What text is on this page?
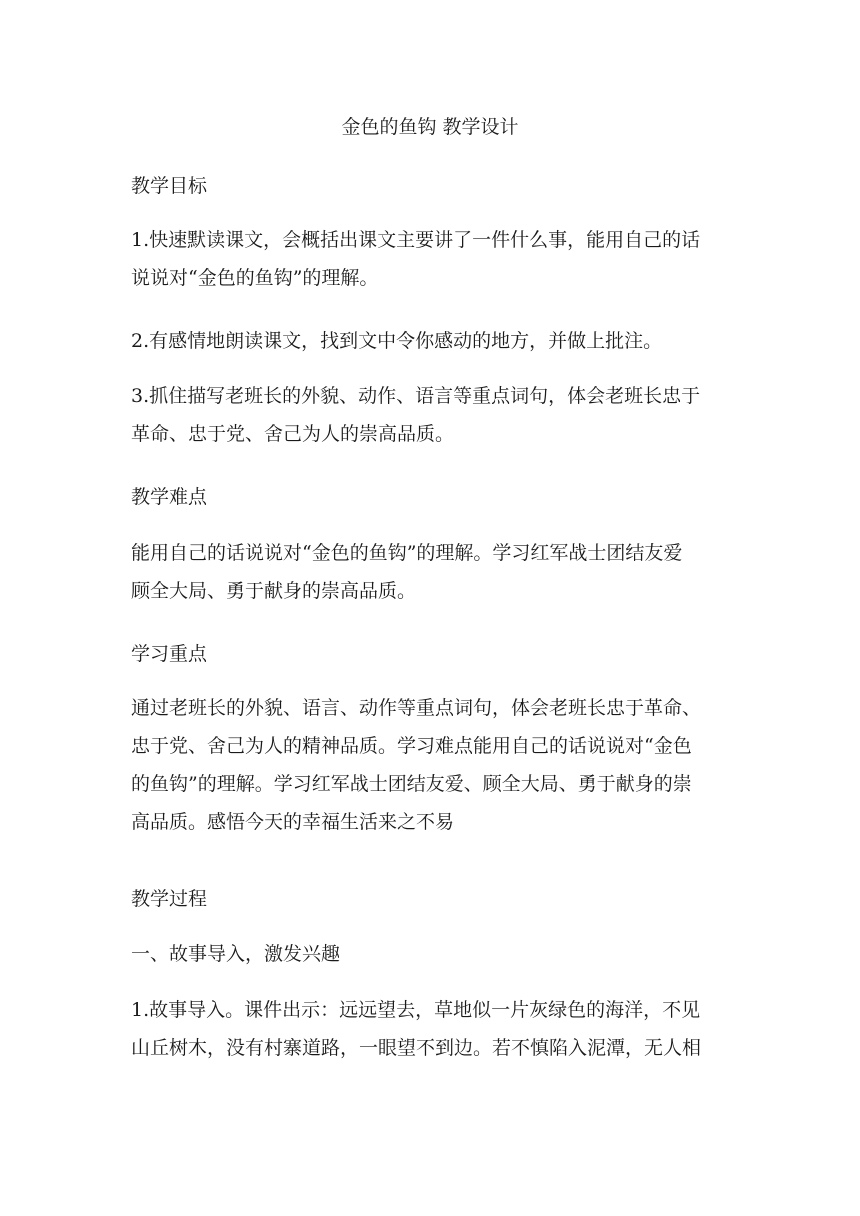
金色的鱼钩 教学设计
教学目标

1.快速默读课文，会概括出课文主要讲了一件什么事，能用自己的话
说说对“金色的鱼钩”的理解。

2.有感情地朗读课文，找到文中令你感动的地方，并做上批注。

3.抓住描写老班长的外貌、动作、语言等重点词句，体会老班长忠于
革命、忠于党、舍己为人的崇高品质。

教学难点

能用自己的话说说对“金色的鱼钩”的理解。学习红军战士团结友爱
顾全大局、勇于献身的崇高品质。

学习重点

通过老班长的外貌、语言、动作等重点词句，体会老班长忠于革命、
忠于党、舍己为人的精神品质。学习难点能用自己的话说说对“金色
的鱼钩”的理解。学习红军战士团结友爱、顾全大局、勇于献身的崇
高品质。感悟今天的幸福生活来之不易

教学过程
一、故事导入，激发兴趣

1.故事导入。课件出示：远远望去，草地似一片灰绿色的海洋，不见
山丘树木，没有村寨道路，一眼望不到边。若不慎陷入泥潭，无人相
